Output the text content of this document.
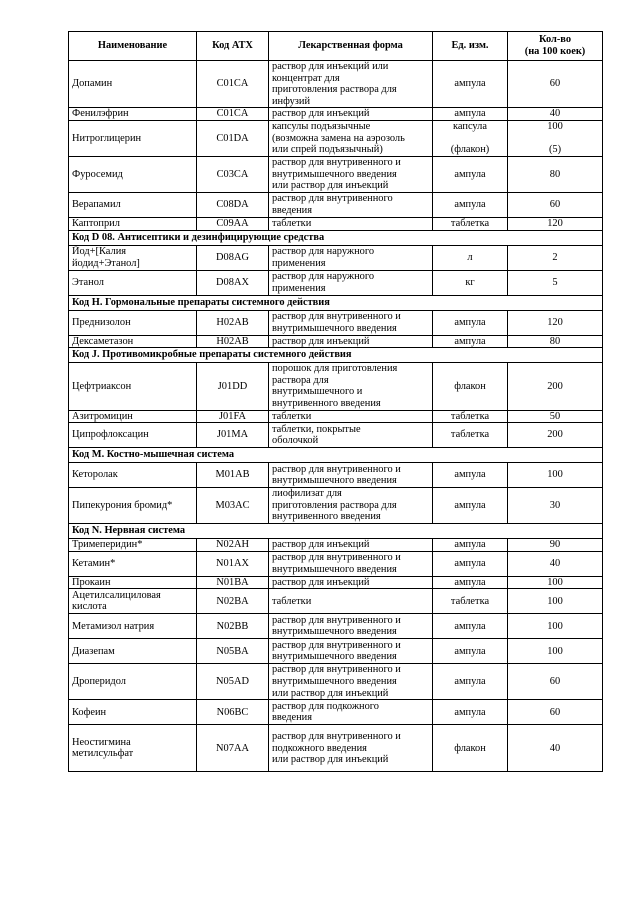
Наименование	Код АТХ	Лекарственная форма	Ед. изм.	Кол-во
(на 100 коек)
Допамин	C01CA	раствор для инъекций или
концентрат для
приготовления раствора для
инфузий	ампула	60
Фенилэфрин	C01CA	раствор для инъекций	ампула	40
Нитроглицерин	C01DA	капсулы подъязычные
(возможна замена на аэрозоль
или спрей подъязычный)	капсула

(флакон)	100

(5)
Фуросемид	C03CA	раствор для внутривенного и
внутримышечного введения
или раствор для инъекций	ампула	80
Верапамил	C08DA	раствор для внутривенного
введения	ампула	60
Каптоприл	C09AA	таблетки	таблетка	120
Код D 08. Антисептики и дезинфицирующие средства				
Йод+[Калия
йодид+Этанол]	D08AG	раствор для наружного
применения	л	2
Этанол	D08AX	раствор для наружного
применения	кг	5
Код H. Гормональные препараты системного действия				
Преднизолон	H02AB	раствор для внутривенного и
внутримышечного введения	ампула	120
Дексаметазон	H02AB	раствор для инъекций	ампула	80
Код J. Противомикробные препараты системного действия				
Цефтриаксон	J01DD	порошок для приготовления
раствора для
внутримышечного и
внутривенного введения	флакон	200
Азитромицин	J01FA	таблетки	таблетка	50
Ципрофлоксацин	J01MA	таблетки, покрытые
оболочкой	таблетка	200
Код M. Костно-мышечная система				
Кеторолак	M01AB	раствор для внутривенного и
внутримышечного введения	ампула	100
Пипекурония бромид*	M03AC	лиофилизат для
приготовления раствора для
внутривенного введения	ампула	30
Код N. Нервная система				
Тримеперидин*	N02AH	раствор для инъекций	ампула	90
Кетамин*	N01AX	раствор для внутривенного и
внутримышечного введения	ампула	40
Прокаин	N01BA	раствор для инъекций	ампула	100
Ацетилсалициловая
кислота	N02BA	таблетки	таблетка	100
Метамизол натрия	N02BB	раствор для внутривенного и
внутримышечного введения	ампула	100
Диазепам	N05BA	раствор для внутривенного и
внутримышечного введения	ампула	100
Дроперидол	N05AD	раствор для внутривенного и
внутримышечного введения
или раствор для инъекций	ампула	60
Кофеин	N06BC	раствор для подкожного
введения	ампула	60
Неостигмина
метилсульфат	N07AA	раствор для внутривенного и
подкожного введения
или раствор для инъекций	флакон	40
